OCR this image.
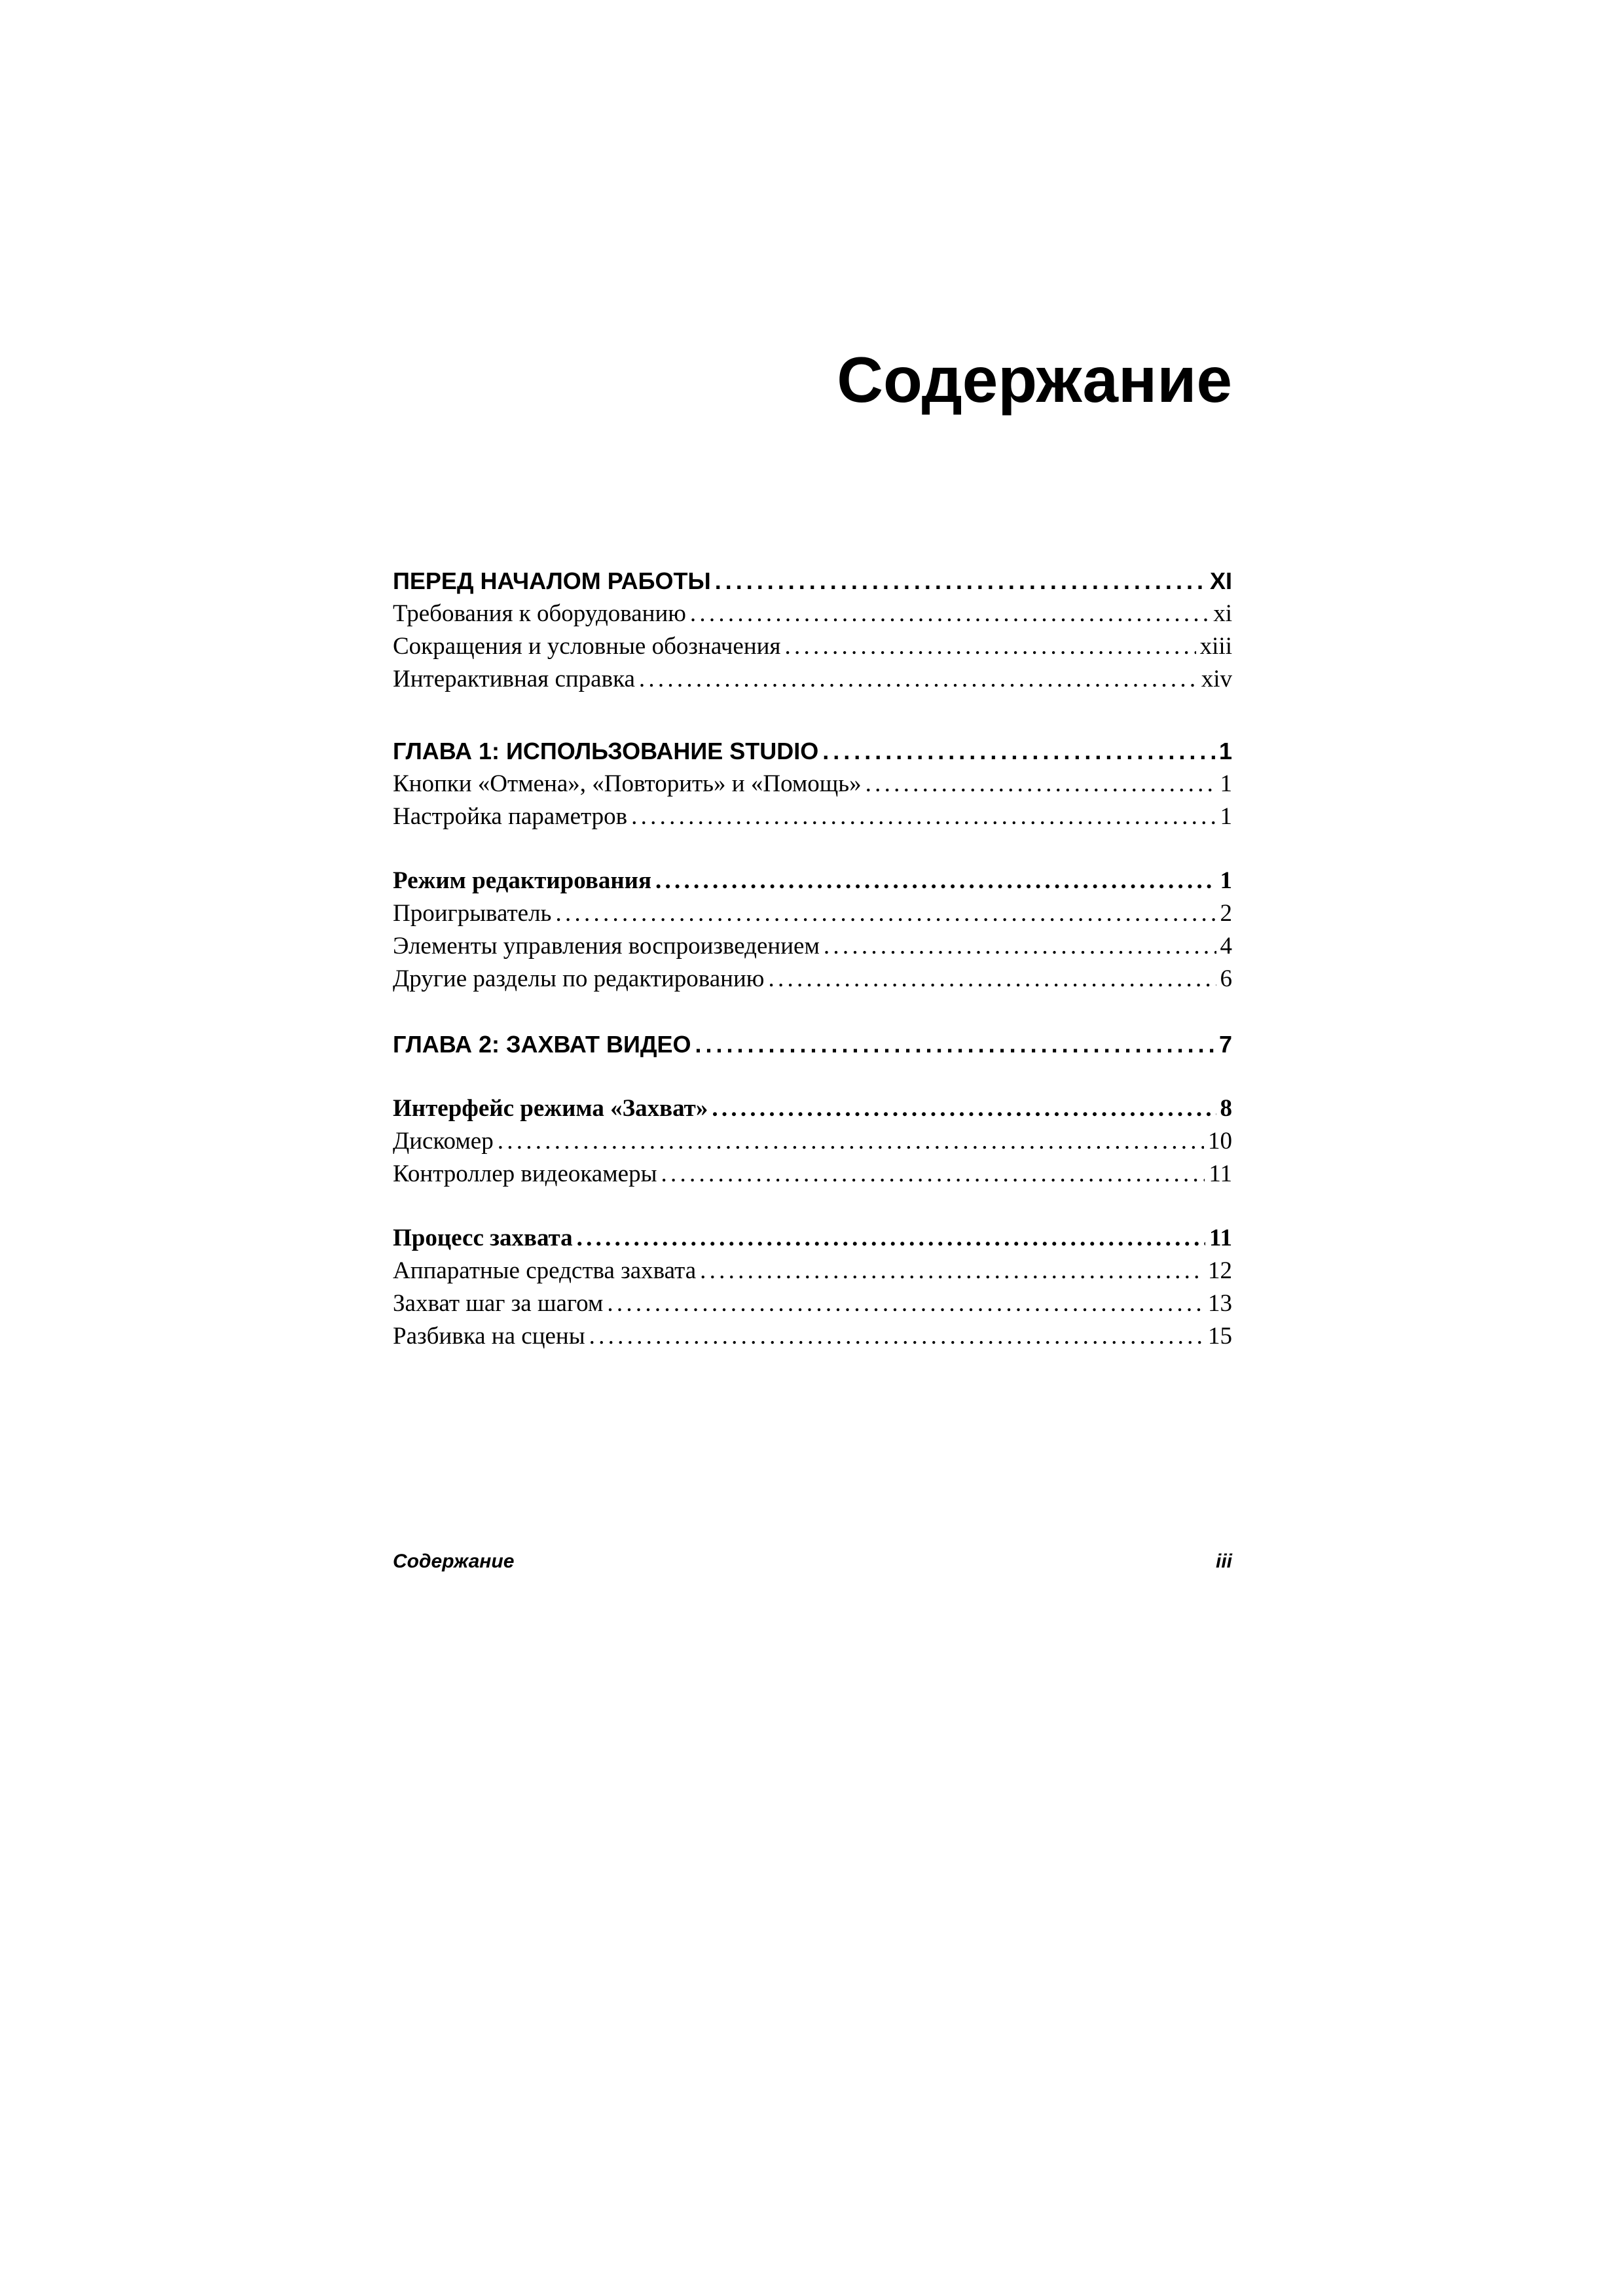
Содержание
ПЕРЕД НАЧАЛОМ РАБОТЫ . . .	XI
Требования к оборудованию . . .	xi
Сокращения и условные обозначения . . .	xiii
Интерактивная справка . . .	xiv
ГЛАВА 1: ИСПОЛЬЗОВАНИЕ STUDIO . . .	1
Кнопки «Отмена», «Повторить» и «Помощь» . . .	1
Настройка параметров . . .	1
Режим редактирования . . .	1
Проигрыватель . . .	2
Элементы управления воспроизведением . . .	4
Другие разделы по редактированию . . .	6
ГЛАВА 2: ЗАХВАТ ВИДЕО . . .	7
Интерфейс режима «Захват» . . .	8
Дискомер . . .	10
Контроллер видеокамеры . . .	11
Процесс захвата . . .	11
Аппаратные средства захвата . . .	12
Захват шаг за шагом . . .	13
Разбивка на сцены . . .	15
Содержание	iii
